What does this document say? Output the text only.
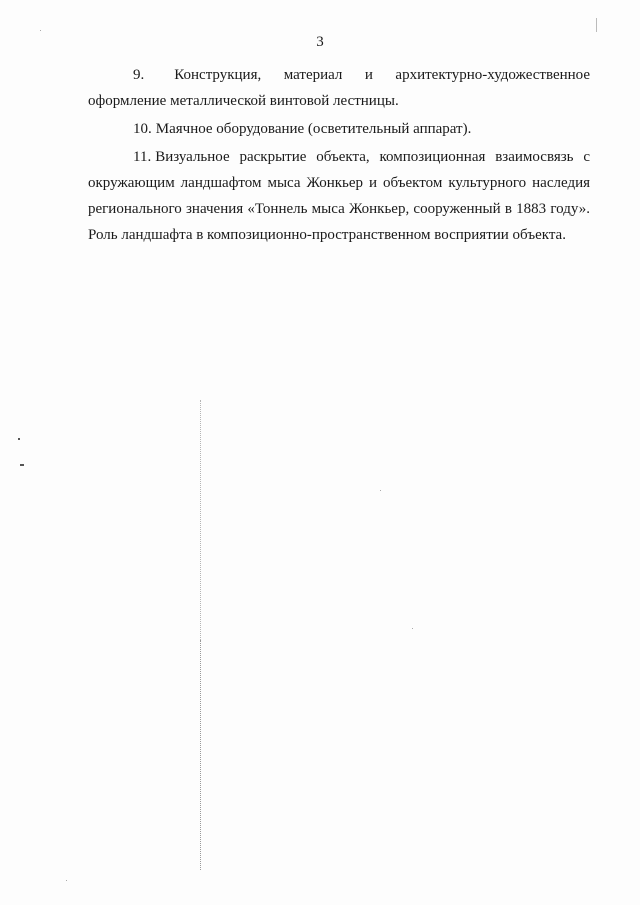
3

9. Конструкция, материал и архитектурно-художественное оформление металлической винтовой лестницы.

10. Маячное оборудование (осветительный аппарат).

11. Визуальное раскрытие объекта, композиционная взаимосвязь с окружающим ландшафтом мыса Жонкьер и объектом культурного наследия регионального значения «Тоннель мыса Жонкьер, сооруженный в 1883 году». Роль ландшафта в композиционно-пространственном восприятии объекта.
